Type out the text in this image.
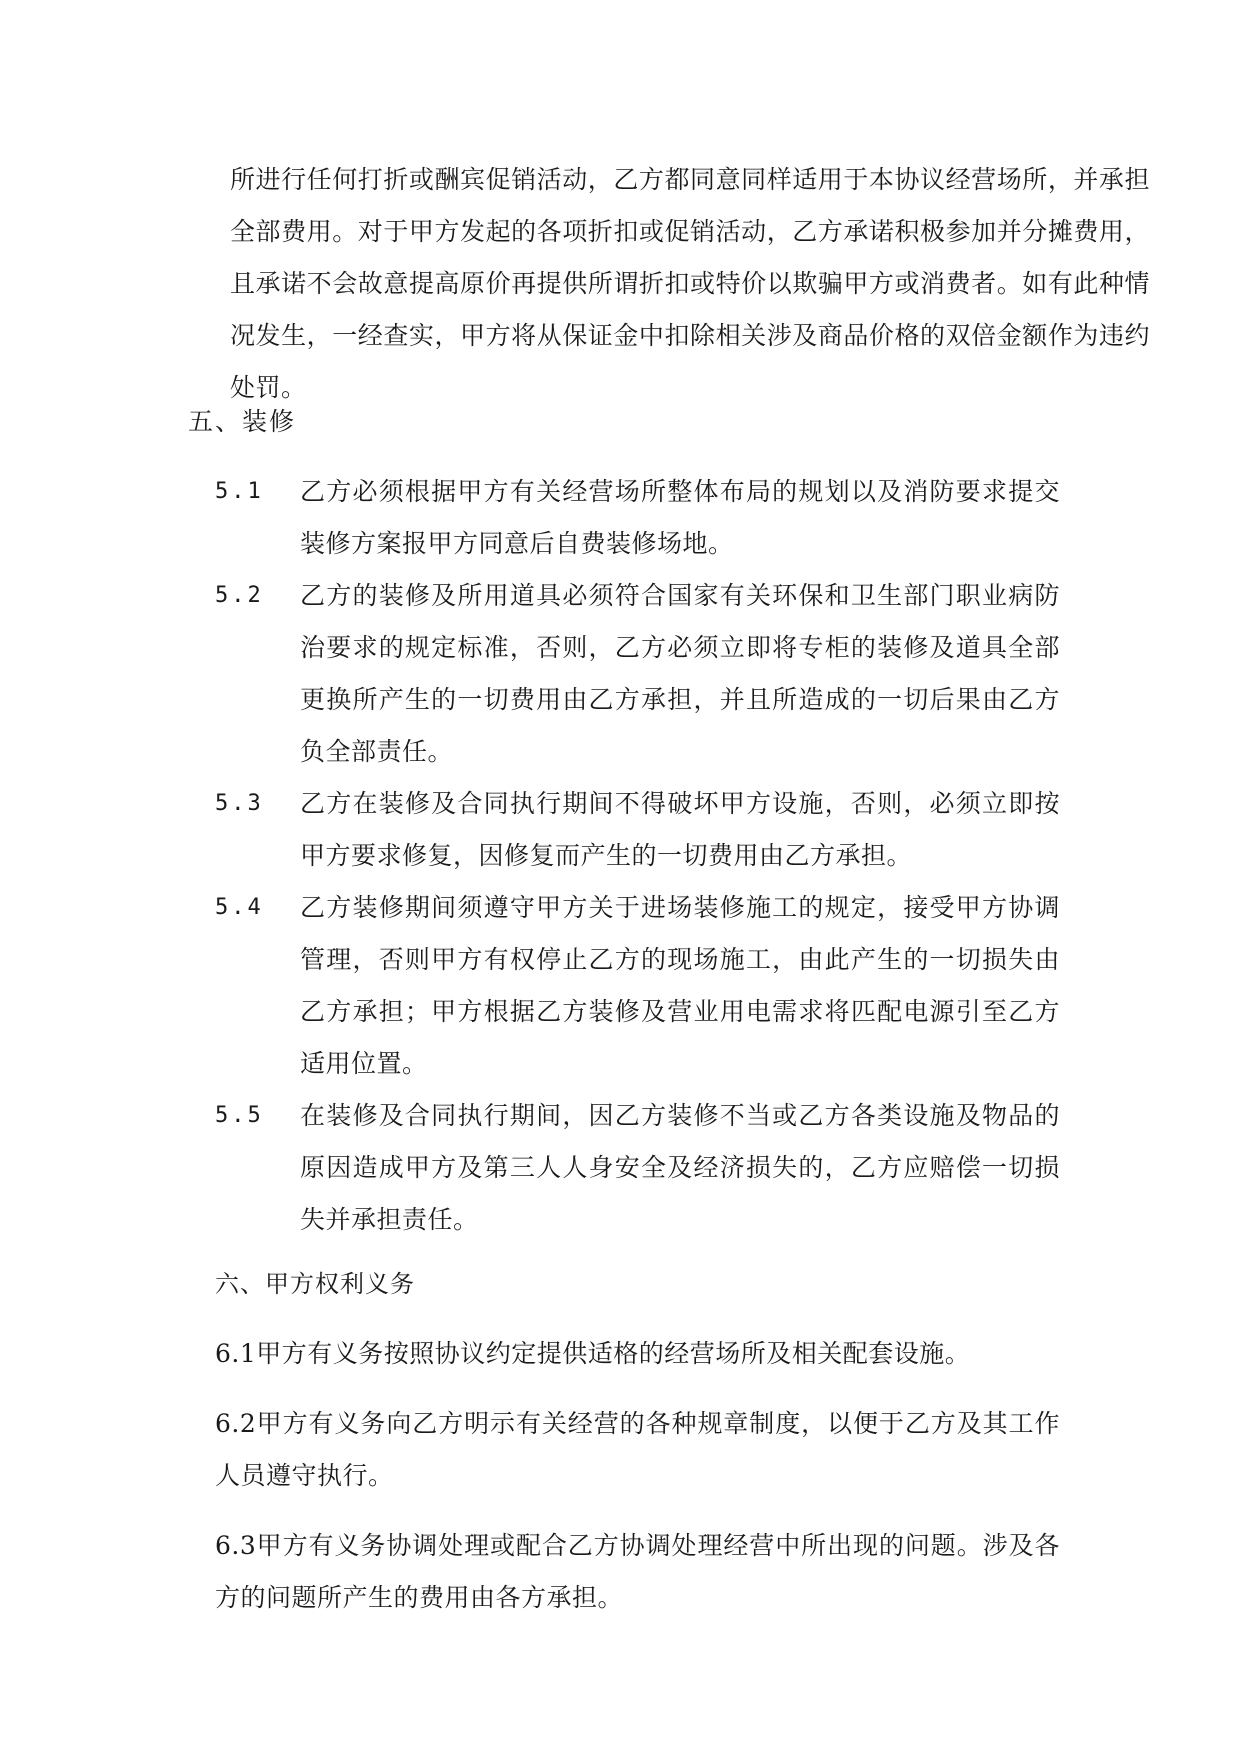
所进行任何打折或酬宾促销活动，乙方都同意同样适用于本协议经营场所，并承担全部费用。对于甲方发起的各项折扣或促销活动，乙方承诺积极参加并分摊费用，且承诺不会故意提高原价再提供所谓折扣或特价以欺骗甲方或消费者。如有此种情况发生，一经查实，甲方将从保证金中扣除相关涉及商品价格的双倍金额作为违约处罚。
五、装修
5.1 乙方必须根据甲方有关经营场所整体布局的规划以及消防要求提交装修方案报甲方同意后自费装修场地。
5.2 乙方的装修及所用道具必须符合国家有关环保和卫生部门职业病防治要求的规定标准，否则，乙方必须立即将专柜的装修及道具全部更换所产生的一切费用由乙方承担，并且所造成的一切后果由乙方负全部责任。
5.3 乙方在装修及合同执行期间不得破坏甲方设施，否则，必须立即按甲方要求修复，因修复而产生的一切费用由乙方承担。
5.4 乙方装修期间须遵守甲方关于进场装修施工的规定，接受甲方协调管理，否则甲方有权停止乙方的现场施工，由此产生的一切损失由乙方承担；甲方根据乙方装修及营业用电需求将匹配电源引至乙方适用位置。
5.5 在装修及合同执行期间，因乙方装修不当或乙方各类设施及物品的原因造成甲方及第三人人身安全及经济损失的，乙方应赔偿一切损失并承担责任。
六、甲方权利义务
6.1甲方有义务按照协议约定提供适格的经营场所及相关配套设施。
6.2甲方有义务向乙方明示有关经营的各种规章制度，以便于乙方及其工作人员遵守执行。
6.3甲方有义务协调处理或配合乙方协调处理经营中所出现的问题。涉及各方的问题所产生的费用由各方承担。
